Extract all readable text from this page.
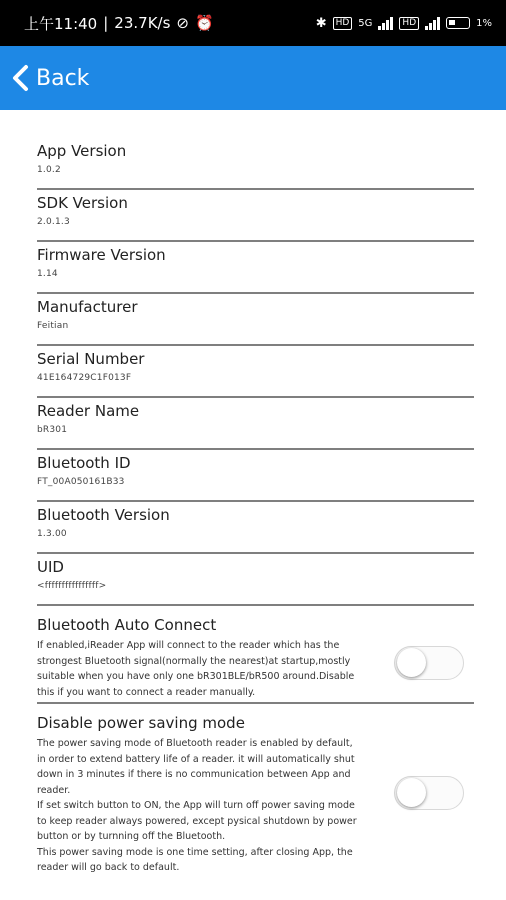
上午11:40 | 23.7K/s ⊘ ⏰	✱	HD 5G	HD	1%
Back
App Version
1.0.2
SDK Version
2.0.1.3
Firmware Version
1.14
Manufacturer
Feitian
Serial Number
41E164729C1F013F
Reader Name
bR301
Bluetooth ID
FT_00A050161B33
Bluetooth Version
1.3.00
UID
<ffffffffffffffff>
Bluetooth Auto Connect
If enabled,iReader App will connect to the reader which has the
strongest Bluetooth signal(normally the nearest)at startup,mostly
suitable when you have only one bR301BLE/bR500 around.Disable
this if you want to connect a reader manually.
Disable power saving mode
The power saving mode of Bluetooth reader is enabled by default,
in order to extend battery life of a reader. it will automatically shut
down in 3 minutes if there is no communication between App and
reader.
If set switch button to ON, the App will turn off power saving mode
to keep reader always powered, except pysical shutdown by power
button or by turnning off the Bluetooth.
This power saving mode is one time setting, after closing App, the
reader will go back to default.
